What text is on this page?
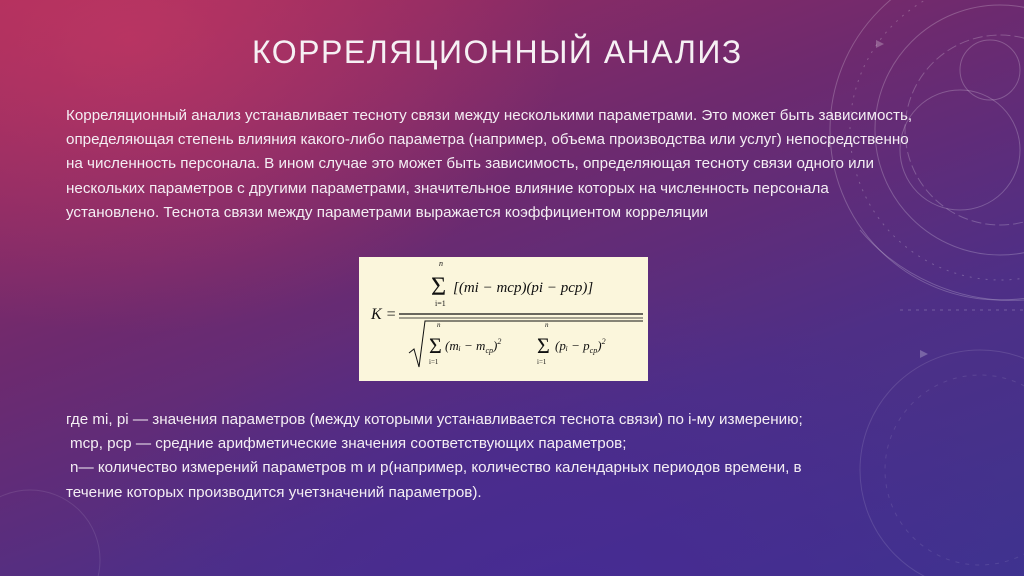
КОРРЕЛЯЦИОННЫЙ АНАЛИЗ
Корреляционный анализ устанавливает тесноту связи между несколькими параметрами. Это может быть зависимость, определяющая степень влияния какого-либо параметра (например, объема производства или услуг) непосредственно на численность персонала. В ином случае это может быть зависимость, определяющая тесноту связи одного или нескольких параметров с другими параметрами, значительное влияние которых на численность персонала установлено. Теснота связи между параметрами выражается коэффициентом корреляции
K =
n
Σ
i=1
[(mi − mср)(pi − pср)]
Σ
n
i=1
(mᵢ − $m_{ср})^2$ Σ
n
i=1
(pᵢ − $p_{ср})^2$
где mi, pi — значения параметров (между которыми устанавливается теснота связи) по i-му измерению;
mср, pср — средние арифметические значения соответствующих параметров;
n— количество измерений параметров m и p(например, количество календарных периодов времени, в
течение которых производится учетзначений параметров).
